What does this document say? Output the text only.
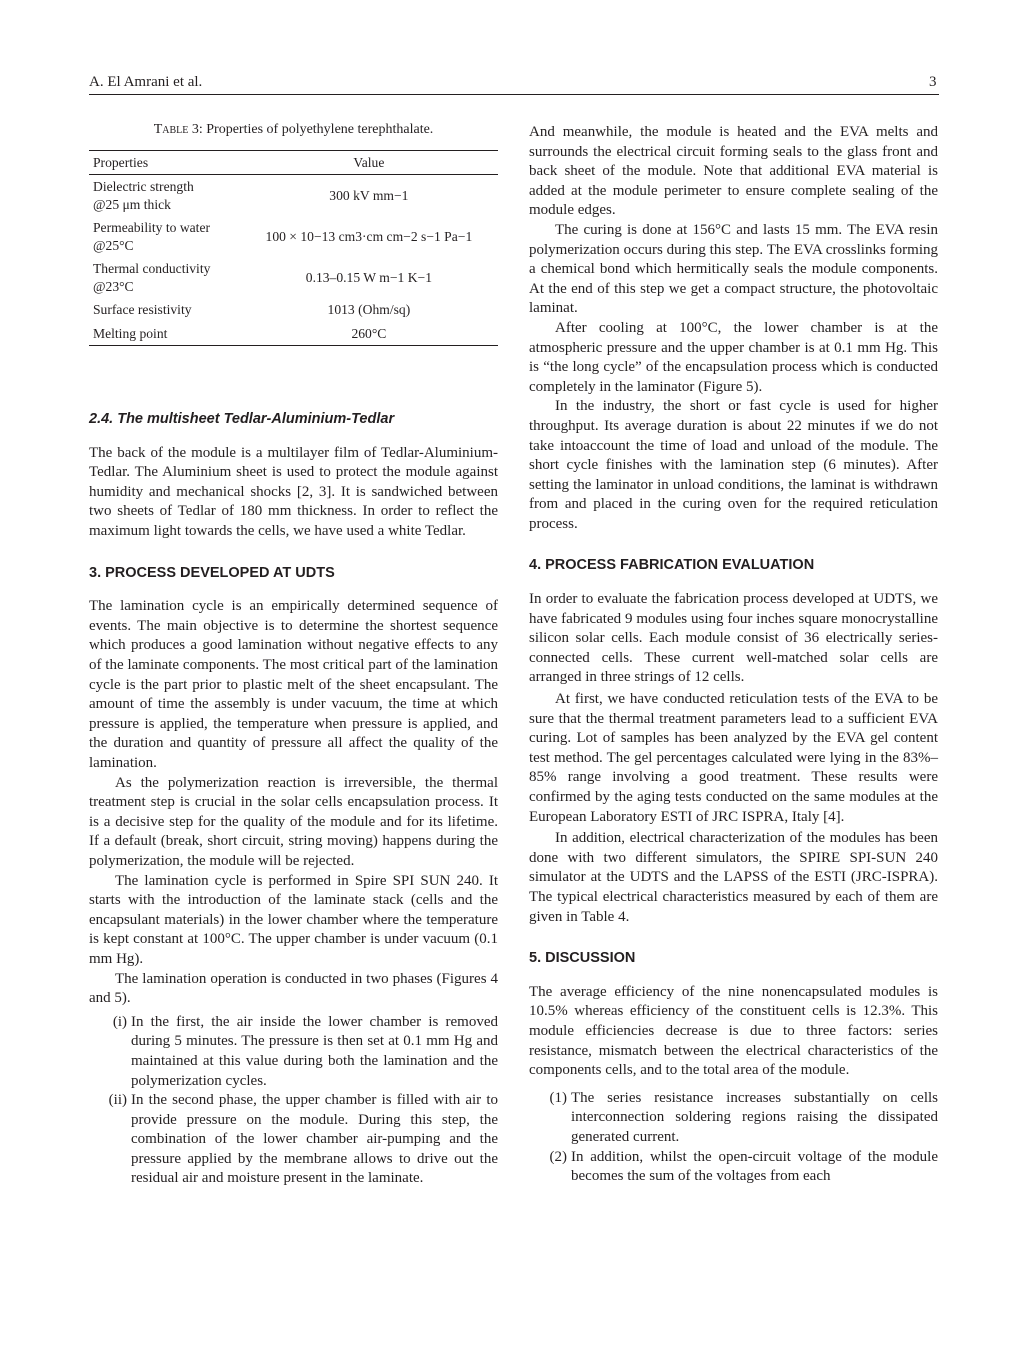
A. El Amrani et al.	3
Table 3: Properties of polyethylene terephthalate.
Properties	Value

Dielectric strength
@25 μm thick	300 kV mm−1

Permeability to water
@25°C	100 × 10−13 cm3·cm cm−2 s−1 Pa−1

Thermal conductivity
@23°C	0.13–0.15 W m−1 K−1
Surface resistivity	1013 (Ohm/sq)
Melting point	260°C
2.4. The multisheet Tedlar-Aluminium-Tedlar

The back of the module is a multilayer film of Tedlar-Aluminium-Tedlar. The Aluminium sheet is used to protect the module against humidity and mechanical shocks [2, 3]. It is sandwiched between two sheets of Tedlar of 180 mm thickness. In order to reflect the maximum light towards the cells, we have used a white Tedlar.

3. PROCESS DEVELOPED AT UDTS

The lamination cycle is an empirically determined sequence of events. The main objective is to determine the shortest sequence which produces a good lamination without negative effects to any of the laminate components. The most critical part of the lamination cycle is the part prior to plastic melt of the sheet encapsulant. The amount of time the assembly is under vacuum, the time at which pressure is applied, the temperature when pressure is applied, and the duration and quantity of pressure all affect the quality of the lamination.

As the polymerization reaction is irreversible, the thermal treatment step is crucial in the solar cells encapsulation process. It is a decisive step for the quality of the module and for its lifetime. If a default (break, short circuit, string moving) happens during the polymerization, the module will be rejected.

The lamination cycle is performed in Spire SPI SUN 240. It starts with the introduction of the laminate stack (cells and the encapsulant materials) in the lower chamber where the temperature is kept constant at 100°C. The upper chamber is under vacuum (0.1 mm Hg).

The lamination operation is conducted in two phases (Figures 4 and 5).

(i) In the first, the air inside the lower chamber is removed during 5 minutes. The pressure is then set at 0.1 mm Hg and maintained at this value during both the lamination and the polymerization cycles.
(ii) In the second phase, the upper chamber is filled with air to provide pressure on the module. During this step, the combination of the lower chamber air-pumping and the pressure applied by the membrane allows to drive out the residual air and moisture present in the laminate.

And meanwhile, the module is heated and the EVA melts and surrounds the electrical circuit forming seals to the glass front and back sheet of the module. Note that additional EVA material is added at the module perimeter to ensure complete sealing of the module edges.

The curing is done at 156°C and lasts 15 mm. The EVA resin polymerization occurs during this step. The EVA crosslinks forming a chemical bond which hermitically seals the module components. At the end of this step we get a compact structure, the photovoltaic laminat.

After cooling at 100°C, the lower chamber is at the atmospheric pressure and the upper chamber is at 0.1 mm Hg. This is “the long cycle” of the encapsulation process which is conducted completely in the laminator (Figure 5).

In the industry, the short or fast cycle is used for higher throughput. Its average duration is about 22 minutes if we do not take intoaccount the time of load and unload of the module. The short cycle finishes with the lamination step (6 minutes). After setting the laminator in unload conditions, the laminat is withdrawn from and placed in the curing oven for the required reticulation process.

4. PROCESS FABRICATION EVALUATION

In order to evaluate the fabrication process developed at UDTS, we have fabricated 9 modules using four inches square monocrystalline silicon solar cells. Each module consist of 36 electrically series-connected cells. These current well-matched solar cells are arranged in three strings of 12 cells.

At first, we have conducted reticulation tests of the EVA to be sure that the thermal treatment parameters lead to a sufficient EVA curing. Lot of samples has been analyzed by the EVA gel content test method. The gel percentages calculated were lying in the 83%–85% range involving a good treatment. These results were confirmed by the aging tests conducted on the same modules at the European Laboratory ESTI of JRC ISPRA, Italy [4].

In addition, electrical characterization of the modules has been done with two different simulators, the SPIRE SPI-SUN 240 simulator at the UDTS and the LAPSS of the ESTI (JRC-ISPRA). The typical electrical characteristics measured by each of them are given in Table 4.

5. DISCUSSION

The average efficiency of the nine nonencapsulated modules is 10.5% whereas efficiency of the constituent cells is 12.3%. This module efficiencies decrease is due to three factors: series resistance, mismatch between the electrical characteristics of the components cells, and to the total area of the module.

(1) The series resistance increases substantially on cells interconnection soldering regions raising the dissipated generated current.
(2) In addition, whilst the open-circuit voltage of the module becomes the sum of the voltages from each
